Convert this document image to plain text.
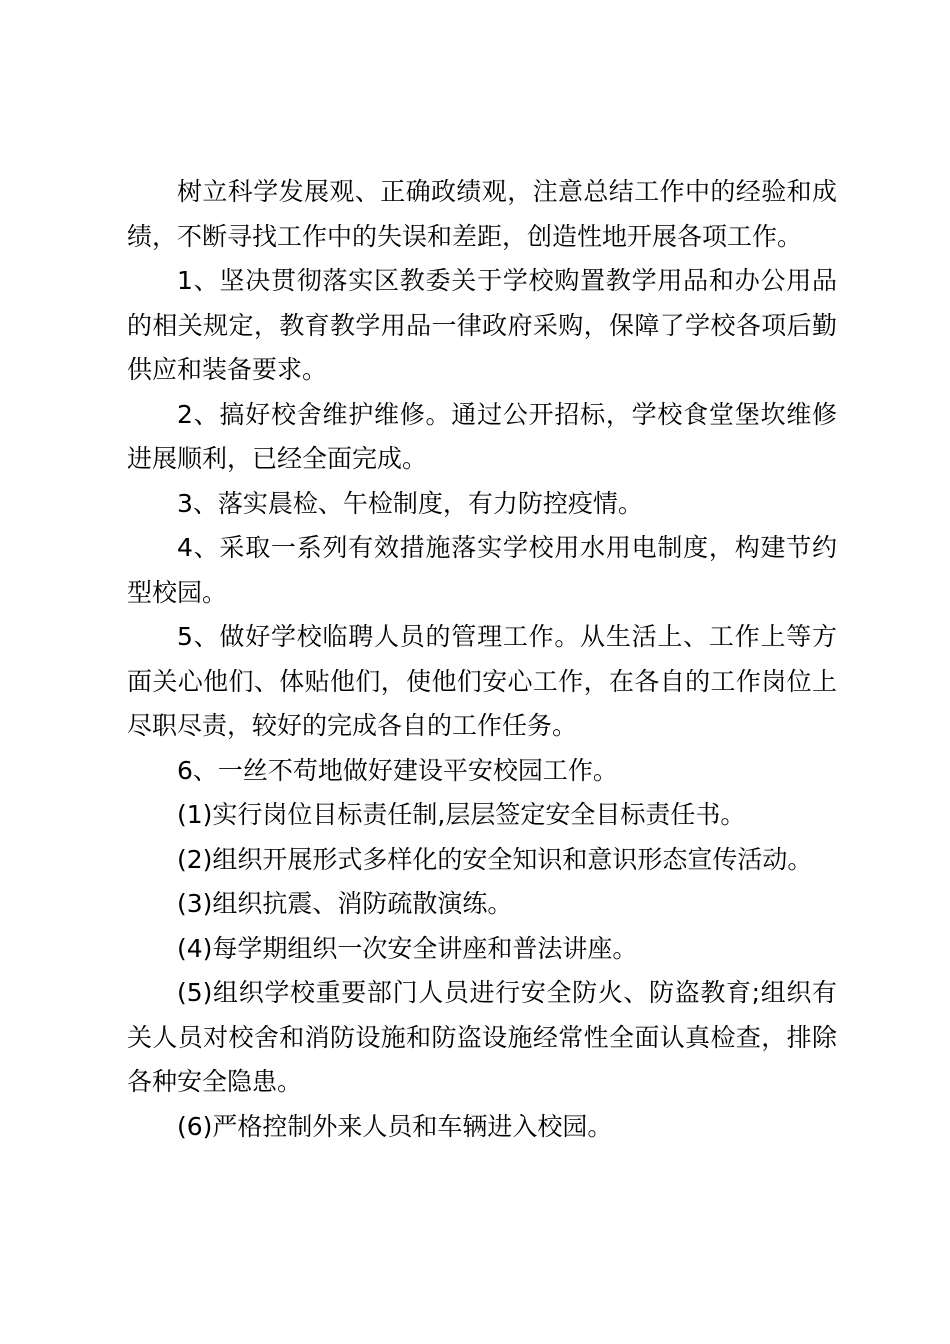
树立科学发展观、正确政绩观，注意总结工作中的经验和成绩，不断寻找工作中的失误和差距，创造性地开展各项工作。

1、坚决贯彻落实区教委关于学校购置教学用品和办公用品的相关规定，教育教学用品一律政府采购，保障了学校各项后勤供应和装备要求。

2、搞好校舍维护维修。通过公开招标，学校食堂堡坎维修进展顺利，已经全面完成。

3、落实晨检、午检制度，有力防控疫情。

4、采取一系列有效措施落实学校用水用电制度，构建节约型校园。

5、做好学校临聘人员的管理工作。从生活上、工作上等方面关心他们、体贴他们，使他们安心工作，在各自的工作岗位上尽职尽责，较好的完成各自的工作任务。

6、一丝不苟地做好建设平安校园工作。

(1)实行岗位目标责任制,层层签定安全目标责任书。

(2)组织开展形式多样化的安全知识和意识形态宣传活动。

(3)组织抗震、消防疏散演练。

(4)每学期组织一次安全讲座和普法讲座。

(5)组织学校重要部门人员进行安全防火、防盗教育;组织有关人员对校舍和消防设施和防盗设施经常性全面认真检查，排除各种安全隐患。

(6)严格控制外来人员和车辆进入校园。
